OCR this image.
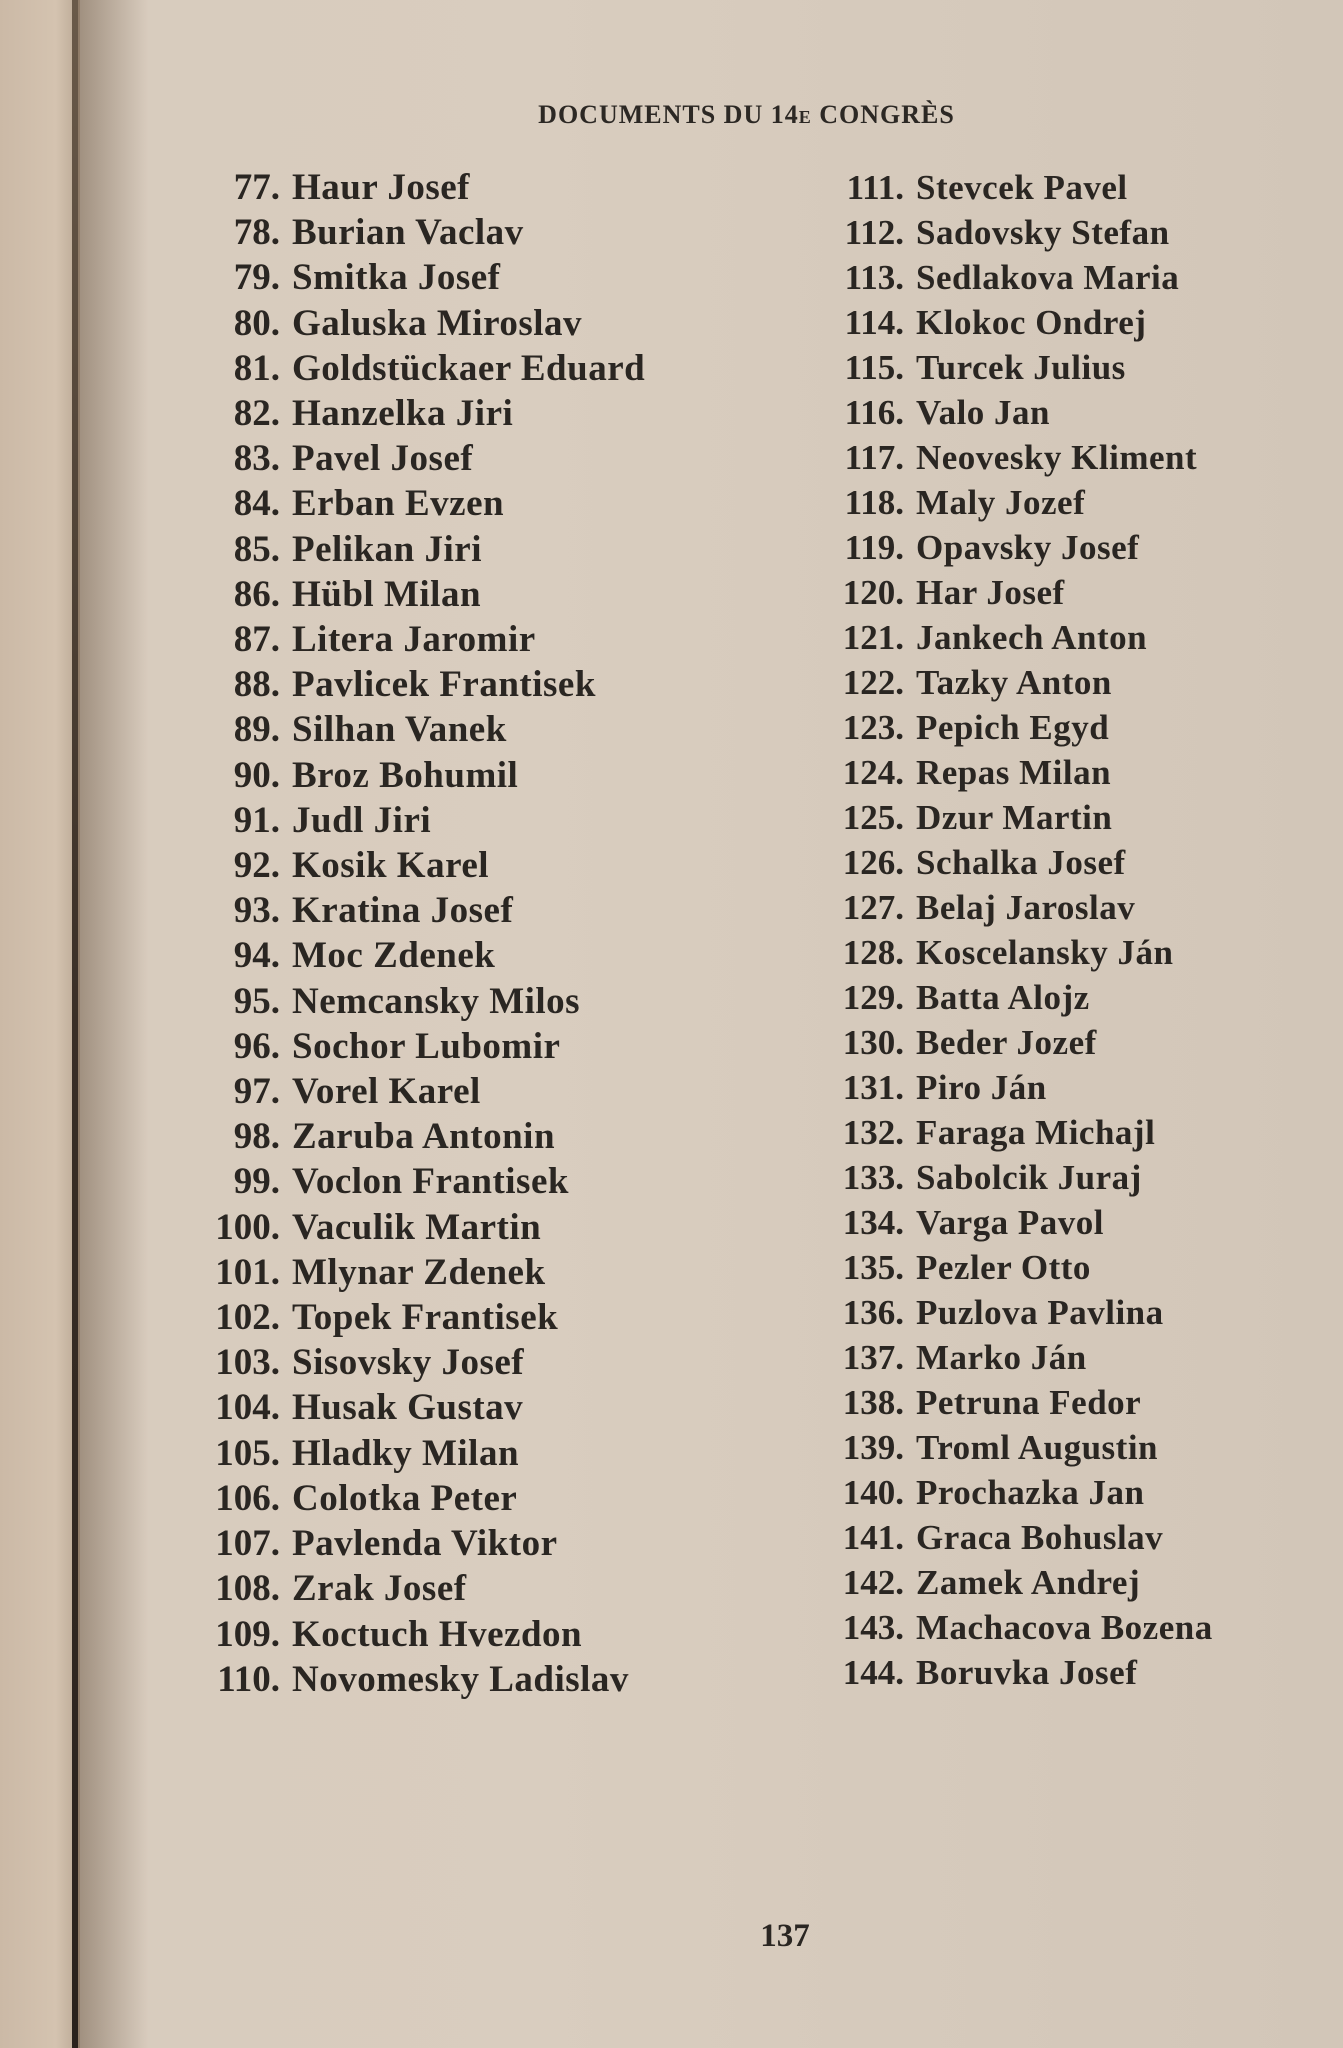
DOCUMENTS DU 14e CONGRÈS
77. Haur Josef
78. Burian Vaclav
79. Smitka Josef
80. Galuska Miroslav
81. Goldstückaer Eduard
82. Hanzelka Jiri
83. Pavel Josef
84. Erban Evzen
85. Pelikan Jiri
86. Hübl Milan
87. Litera Jaromir
88. Pavlicek Frantisek
89. Silhan Vanek
90. Broz Bohumil
91. Judl Jiri
92. Kosik Karel
93. Kratina Josef
94. Moc Zdenek
95. Nemcansky Milos
96. Sochor Lubomir
97. Vorel Karel
98. Zaruba Antonin
99. Voclon Frantisek
100. Vaculik Martin
101. Mlynar Zdenek
102. Topek Frantisek
103. Sisovsky Josef
104. Husak Gustav
105. Hladky Milan
106. Colotka Peter
107. Pavlenda Viktor
108. Zrak Josef
109. Koctuch Hvezdon
110. Novomesky Ladislav
111. Stevcek Pavel
112. Sadovsky Stefan
113. Sedlakova Maria
114. Klokoc Ondrej
115. Turcek Julius
116. Valo Jan
117. Neovesky Kliment
118. Maly Jozef
119. Opavsky Josef
120. Har Josef
121. Jankech Anton
122. Tazky Anton
123. Pepich Egyd
124. Repas Milan
125. Dzur Martin
126. Schalka Josef
127. Belaj Jaroslav
128. Koscelansky Ján
129. Batta Alojz
130. Beder Jozef
131. Piro Ján
132. Faraga Michajl
133. Sabolcik Juraj
134. Varga Pavol
135. Pezler Otto
136. Puzlova Pavlina
137. Marko Ján
138. Petruna Fedor
139. Troml Augustin
140. Prochazka Jan
141. Graca Bohuslav
142. Zamek Andrej
143. Machacova Bozena
144. Boruvka Josef
137
